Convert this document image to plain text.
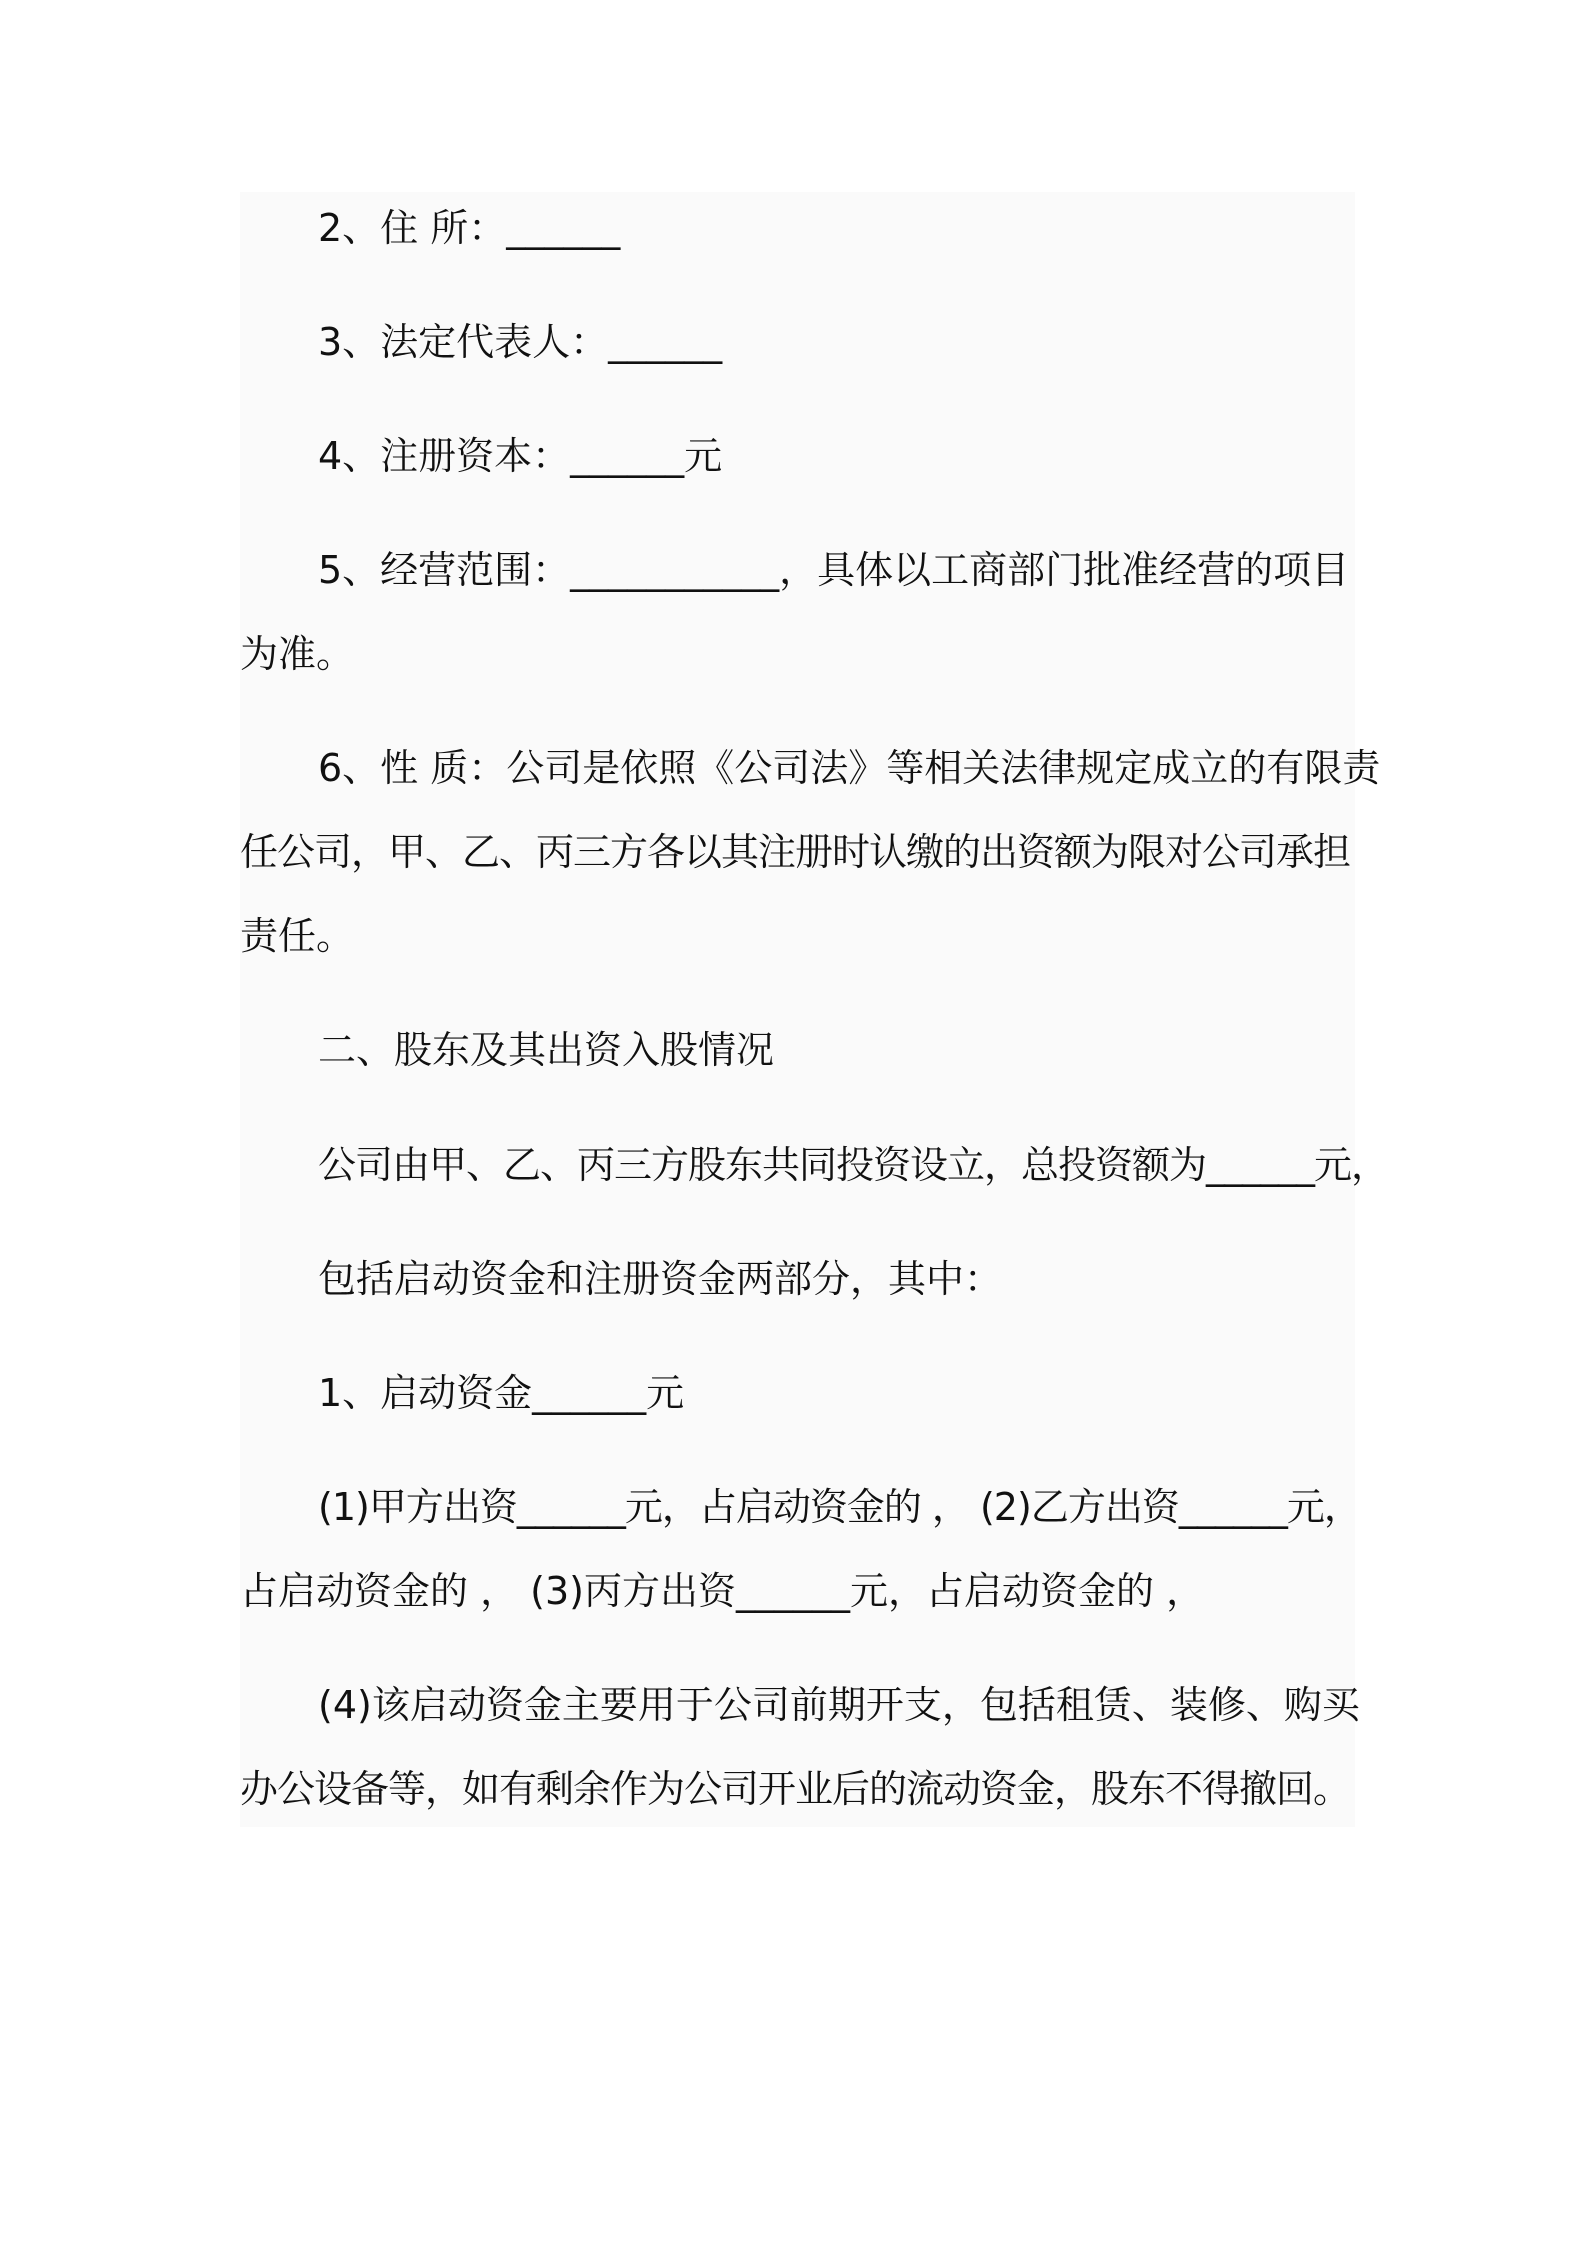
2、住 所：______

3、法定代表人：______

4、注册资本：______元

5、经营范围：___________，具体以工商部门批准经营的项目

为准。

6、性 质：公司是依照《公司法》等相关法律规定成立的有限责

任公司，甲、乙、丙三方各以其注册时认缴的出资额为限对公司承担

责任。

二、股东及其出资入股情况

公司由甲、乙、丙三方股东共同投资设立，总投资额为______元，

包括启动资金和注册资金两部分，其中：

1、启动资金______元

(1)甲方出资______元，占启动资金的 ， (2)乙方出资______元，

占启动资金的 ， (3)丙方出资______元，占启动资金的 ，

(4)该启动资金主要用于公司前期开支，包括租赁、装修、购买

办公设备等，如有剩余作为公司开业后的流动资金，股东不得撤回。
